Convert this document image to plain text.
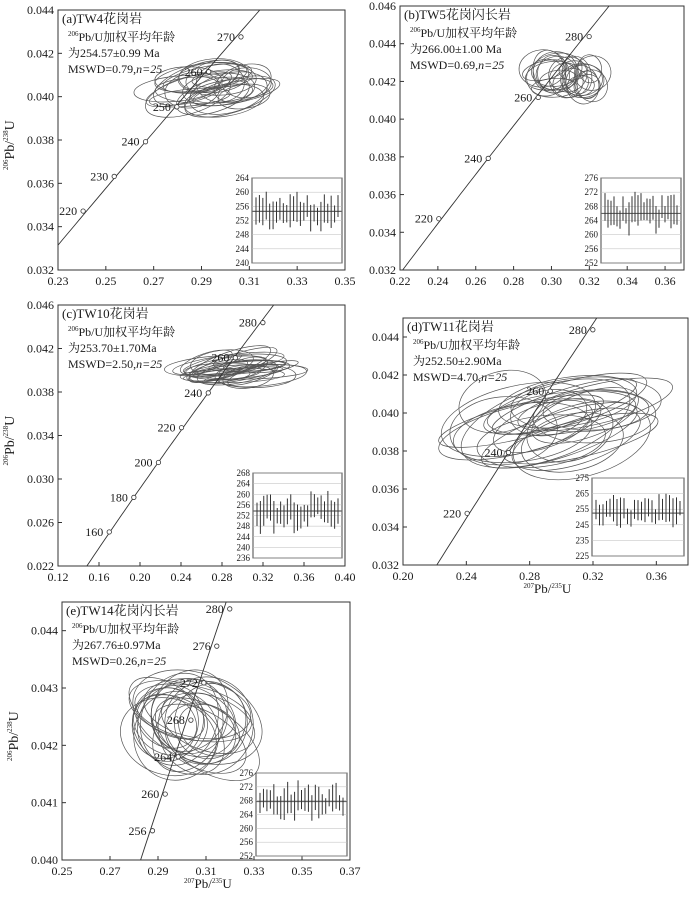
220
230
240
250
260
270
0.23 0.25 0.27 0.29 0.31 0.33 0.35
0.032
0.034
0.036
0.038
0.040
0.042
0.044
(a)TW4花岗岩
$^{206}$Pb/U加权平均年龄
为254.57±0.99 Ma
MSWD=0.79,n=25
$^{206}$Pb/$^{238}$U
240
244
248
252
256
260
264
220
240
260
280
0.22 0.24 0.26 0.28 0.30 0.32 0.34 0.36
0.032
0.034
0.036
0.038
0.040
0.042
0.044
0.046
(b)TW5花岗闪长岩
$^{206}$Pb/U加权平均年龄
为266.00±1.00 Ma
MSWD=0.69,n=25
252
256
260
264
268
272
276
160
180
200
220
240
260
280
0.12 0.16 0.20 0.24 0.28 0.32 0.36 0.40
0.022
0.026
0.030
0.034
0.038
0.042
0.046
(c)TW10花岗岩
$^{206}$Pb/U加权平均年龄
为253.70±1.70Ma
MSWD=2.50,n=25
$^{206}$Pb/$^{238}$U
236
240
244
248
252
256
260
264
268
220
240
260
280
0.20	0.24	0.28	0.32	0.36
0.032
0.034
0.036
0.038
0.040
0.042
0.044
(d)TW11花岗岩
$^{206}$Pb/U加权平均年龄
为252.50±2.90Ma
MSWD=4.70,n=25
$^{207}$Pb/$^{235}$U
225
235
245
255
265
275
256
260
264
268
272
276
280
0.25 0.27 0.29 0.31 0.33 0.35 0.37
0.040
0.041
0.042
0.043
0.044
(e)TW14花岗闪长岩
$^{206}$Pb/U加权平均年龄
为267.76±0.97Ma
MSWD=0.26,n=25
$^{206}$Pb/$^{238}$U
$^{207}$Pb/$^{235}$U
252
256
260
264
268
272
276
